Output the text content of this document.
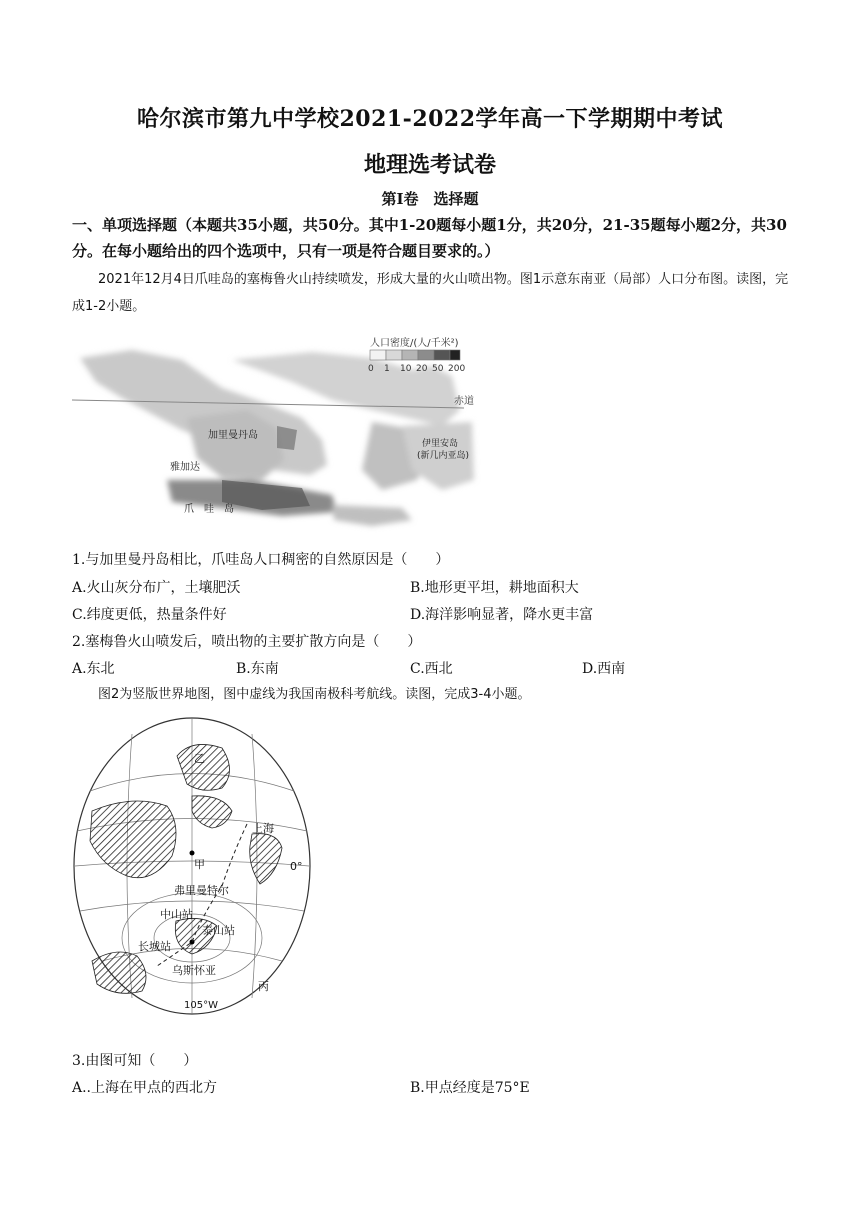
哈尔滨市第九中学校2021-2022学年高一下学期期中考试
地理选考试卷
第Ⅰ卷　选择题
一、单项选择题（本题共35小题，共50分。其中1-20题每小题1分，共20分，21-35题每小题2分，共30分。在每小题给出的四个选项中，只有一项是符合题目要求的。）
2021年12月4日爪哇岛的塞梅鲁火山持续喷发，形成大量的火山喷出物。图1示意东南亚（局部）人口分布图。读图，完成1-2小题。
赤道
人口密度/(人/千米²)
0 1 10 20 50 200
加里曼丹岛
伊里安岛
(新几内亚岛)
雅加达
爪　哇　岛
1.与加里曼丹岛相比，爪哇岛人口稠密的自然原因是（　　）
A.火山灰分布广，土壤肥沃	B.地形更平坦，耕地面积大
C.纬度更低，热量条件好	D.海洋影响显著，降水更丰富
2.塞梅鲁火山喷发后，喷出物的主要扩散方向是（　　）
A.东北	B.东南	C.西北	D.西南
图2为竖版世界地图，图中虚线为我国南极科考航线。读图，完成3-4小题。
乙
上海
甲	0°
弗里曼特尔
中山站
泰山站
长城站
乌斯怀亚
丙
105°W
3.由图可知（　　）
A..上海在甲点的西北方	B.甲点经度是75°E
